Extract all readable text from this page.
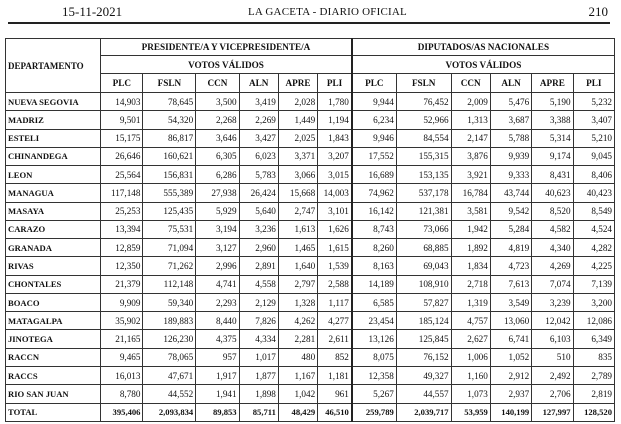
15-11-2021	LA GACETA - DIARIO OFICIAL	210
DEPARTAMENTO	PRESIDENTE/A Y VICEPRESIDENTE/A						DIPUTADOS/AS NACIONALES					
	VOTOS VÁLIDOS						VOTOS VÁLIDOS					
	PLC	FSLN	CCN	ALN	APRE	PLI	PLC	FSLN	CCN	ALN	APRE	PLI
NUEVA SEGOVIA	14,903	78,645	3,500	3,419	2,028	1,780	9,944	76,452	2,009	5,476	5,190	5,232
MADRIZ	9,501	54,320	2,268	2,269	1,449	1,194	6,234	52,966	1,313	3,687	3,388	3,407
ESTELI	15,175	86,817	3,646	3,427	2,025	1,843	9,946	84,554	2,147	5,788	5,314	5,210
CHINANDEGA	26,646	160,621	6,305	6,023	3,371	3,207	17,552	155,315	3,876	9,939	9,174	9,045
LEON	25,564	156,831	6,286	5,783	3,066	3,015	16,689	153,135	3,921	9,333	8,431	8,406
MANAGUA	117,148	555,389	27,938	26,424	15,668	14,003	74,962	537,178	16,784	43,744	40,623	40,423
MASAYA	25,253	125,435	5,929	5,640	2,747	3,101	16,142	121,381	3,581	9,542	8,520	8,549
CARAZO	13,394	75,531	3,194	3,236	1,613	1,626	8,743	73,066	1,942	5,284	4,582	4,524
GRANADA	12,859	71,094	3,127	2,960	1,465	1,615	8,260	68,885	1,892	4,819	4,340	4,282
RIVAS	12,350	71,262	2,996	2,891	1,640	1,539	8,163	69,043	1,834	4,723	4,269	4,225
CHONTALES	21,379	112,148	4,741	4,558	2,797	2,588	14,189	108,910	2,718	7,613	7,074	7,139
BOACO	9,909	59,340	2,293	2,129	1,328	1,117	6,585	57,827	1,319	3,549	3,239	3,200
MATAGALPA	35,902	189,883	8,440	7,826	4,262	4,277	23,454	185,124	4,757	13,060	12,042	12,086
JINOTEGA	21,165	126,230	4,375	4,334	2,281	2,611	13,126	125,845	2,627	6,741	6,103	6,349
RACCN	9,465	78,065	957	1,017	480	852	8,075	76,152	1,006	1,052	510	835
RACCS	16,013	47,671	1,917	1,877	1,167	1,181	12,358	49,327	1,160	2,912	2,492	2,789
RIO SAN JUAN	8,780	44,552	1,941	1,898	1,042	961	5,267	44,557	1,073	2,937	2,706	2,819
TOTAL	395,406	2,093,834	89,853	85,711	48,429	46,510	259,789	2,039,717	53,959	140,199	127,997	128,520
